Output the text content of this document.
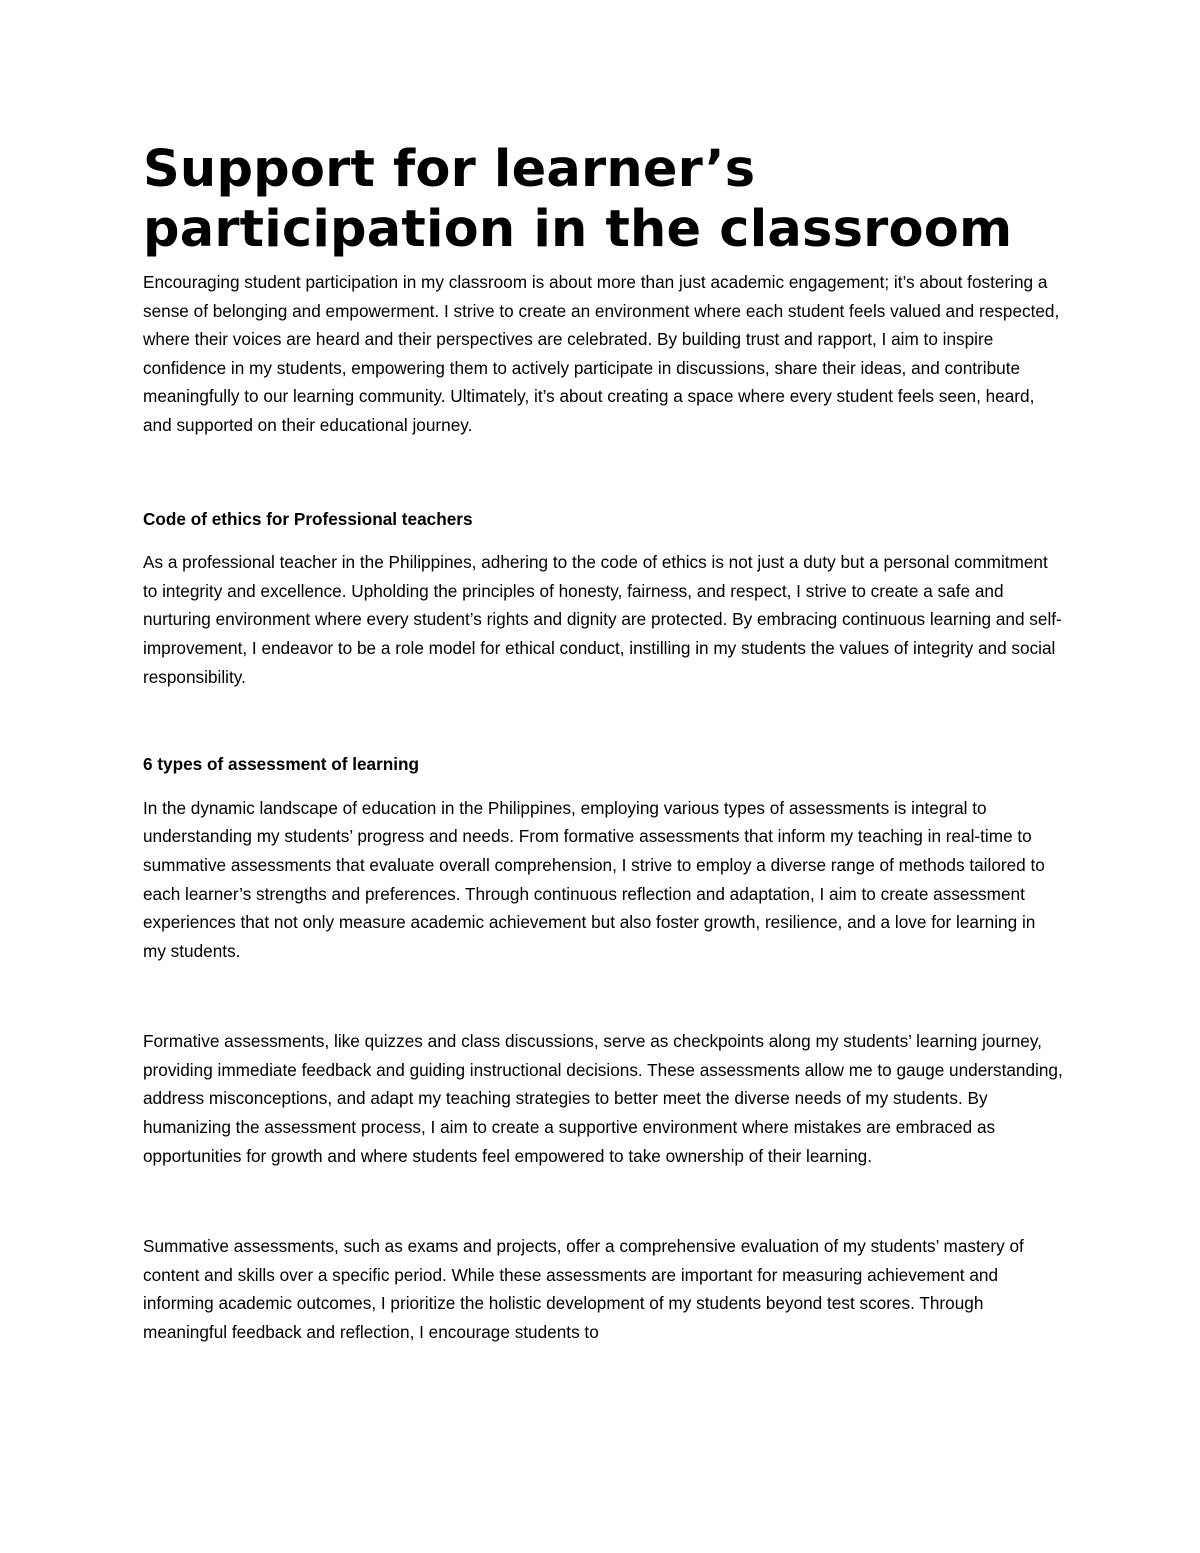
Support for learner’s participation in the classroom

Encouraging student participation in my classroom is about more than just academic engagement; it’s about fostering a sense of belonging and empowerment. I strive to create an environment where each student feels valued and respected, where their voices are heard and their perspectives are celebrated. By building trust and rapport, I aim to inspire confidence in my students, empowering them to actively participate in discussions, share their ideas, and contribute meaningfully to our learning community. Ultimately, it’s about creating a space where every student feels seen, heard, and supported on their educational journey.

Code of ethics for Professional teachers

As a professional teacher in the Philippines, adhering to the code of ethics is not just a duty but a personal commitment to integrity and excellence. Upholding the principles of honesty, fairness, and respect, I strive to create a safe and nurturing environment where every student’s rights and dignity are protected. By embracing continuous learning and self-improvement, I endeavor to be a role model for ethical conduct, instilling in my students the values of integrity and social responsibility.

6 types of assessment of learning

In the dynamic landscape of education in the Philippines, employing various types of assessments is integral to understanding my students’ progress and needs. From formative assessments that inform my teaching in real-time to summative assessments that evaluate overall comprehension, I strive to employ a diverse range of methods tailored to each learner’s strengths and preferences. Through continuous reflection and adaptation, I aim to create assessment experiences that not only measure academic achievement but also foster growth, resilience, and a love for learning in my students.

Formative assessments, like quizzes and class discussions, serve as checkpoints along my students’ learning journey, providing immediate feedback and guiding instructional decisions. These assessments allow me to gauge understanding, address misconceptions, and adapt my teaching strategies to better meet the diverse needs of my students. By humanizing the assessment process, I aim to create a supportive environment where mistakes are embraced as opportunities for growth and where students feel empowered to take ownership of their learning.

Summative assessments, such as exams and projects, offer a comprehensive evaluation of my students’ mastery of content and skills over a specific period. While these assessments are important for measuring achievement and informing academic outcomes, I prioritize the holistic development of my students beyond test scores. Through meaningful feedback and reflection, I encourage students to
